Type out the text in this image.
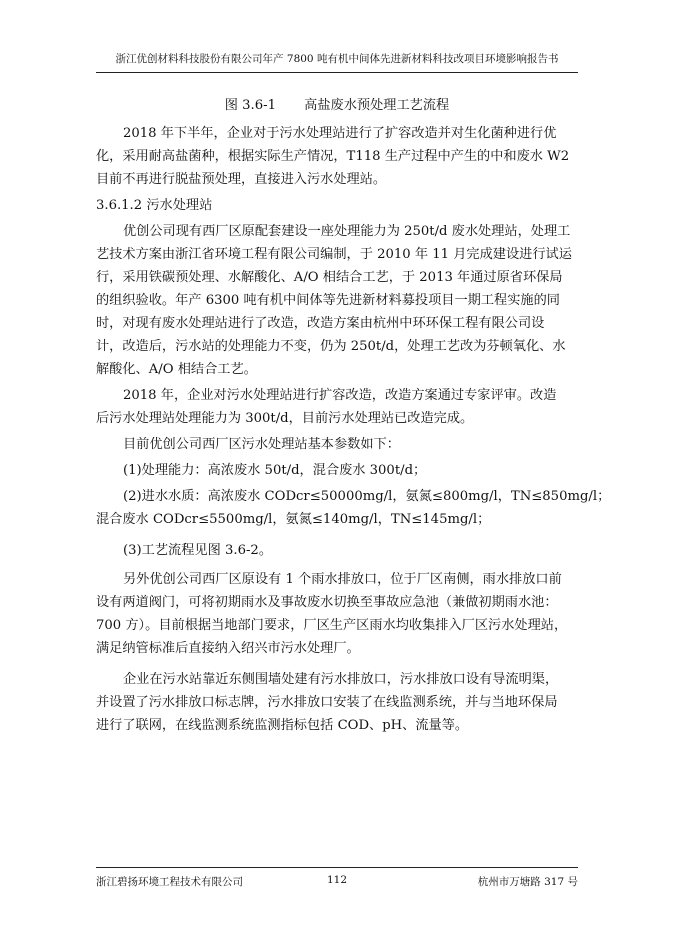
浙江优创材料科技股份有限公司年产 7800 吨有机中间体先进新材料科技改项目环境影响报告书
图 3.6-1 高盐废水预处理工艺流程
2018 年下半年，企业对于污水处理站进行了扩容改造并对生化菌种进行优
化，采用耐高盐菌种，根据实际生产情况，T118 生产过程中产生的中和废水 W2
目前不再进行脱盐预处理，直接进入污水处理站。
3.6.1.2 污水处理站
优创公司现有西厂区原配套建设一座处理能力为 250t/d 废水处理站，处理工
艺技术方案由浙江省环境工程有限公司编制，于 2010 年 11 月完成建设进行试运
行，采用铁碳预处理、水解酸化、A/O 相结合工艺，于 2013 年通过原省环保局
的组织验收。年产 6300 吨有机中间体等先进新材料募投项目一期工程实施的同
时，对现有废水处理站进行了改造，改造方案由杭州中环环保工程有限公司设
计，改造后，污水站的处理能力不变，仍为 250t/d，处理工艺改为芬顿氧化、水
解酸化、A/O 相结合工艺。
2018 年，企业对污水处理站进行扩容改造，改造方案通过专家评审。改造
后污水处理站处理能力为 300t/d，目前污水处理站已改造完成。
目前优创公司西厂区污水处理站基本参数如下：
(1)处理能力：高浓废水 50t/d，混合废水 300t/d；
(2)进水水质：高浓废水 CODcr≤50000mg/l，氨氮≤800mg/l，TN≤850mg/l；
混合废水 CODcr≤5500mg/l，氨氮≤140mg/l，TN≤145mg/l；
(3)工艺流程见图 3.6-2。
另外优创公司西厂区原设有 1 个雨水排放口，位于厂区南侧，雨水排放口前
设有两道阀门，可将初期雨水及事故废水切换至事故应急池（兼做初期雨水池：
700 方）。目前根据当地部门要求，厂区生产区雨水均收集排入厂区污水处理站，
满足纳管标准后直接纳入绍兴市污水处理厂。
企业在污水站靠近东侧围墙处建有污水排放口，污水排放口设有导流明渠，
并设置了污水排放口标志牌，污水排放口安装了在线监测系统，并与当地环保局
进行了联网，在线监测系统监测指标包括 COD、pH、流量等。
浙江碧扬环境工程技术有限公司	112	杭州市万塘路 317 号
